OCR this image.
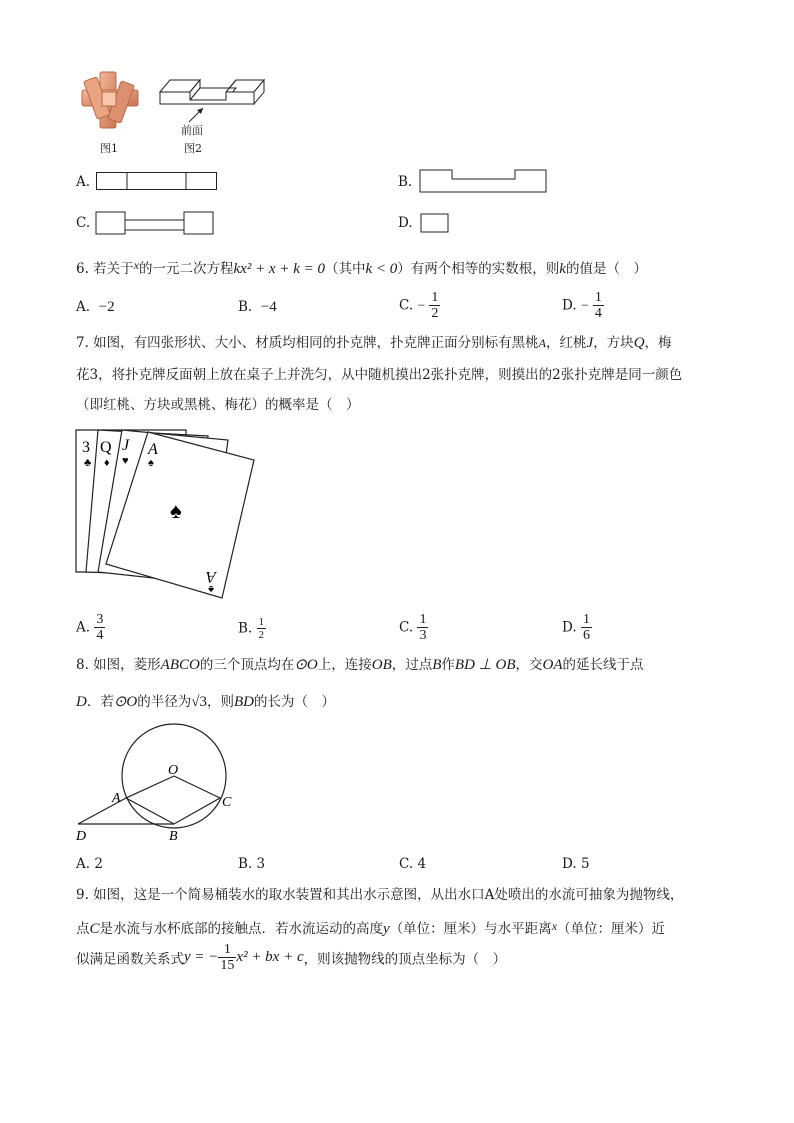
图1
前面
图2
A.	B.
C.	D.
6. 若关于x的一元二次方程kx² + x + k = 0（其中k < 0）有两个相等的实数根，则k的值是（　）
A. −2	B. −4	C. − $\frac{1}{2}$	D. − $\frac{1}{4}$
7. 如图，有四张形状、大小、材质均相同的扑克牌，扑克牌正面分别标有黑桃A，红桃J，方块Q，梅
花3，将扑克牌反面朝上放在桌子上并洗匀，从中随机摸出2张扑克牌，则摸出的2张扑克牌是同一颜色
（即红桃、方块或黑桃、梅花）的概率是（　）
3
♣
Q
♦
J
♥
A
♠
♠
A
♠
A. $\frac{3}{4}$	B. $\frac{1}{2}$	C. $\frac{1}{3}$	D. $\frac{1}{6}$
8. 如图，菱形ABCO的三个顶点均在⊙O上，连接OB，过点B作BD ⊥ OB，交OA的延长线于点
D．若⊙O的半径为√3，则BD的长为（　）
O
A	C
B
D
A. 2	B. 3	C. 4	D. 5
9. 如图，这是一个简易桶装水的取水装置和其出水示意图，从出水口A处喷出的水流可抽象为抛物线，
点C是水流与水杯底部的接触点．若水流运动的高度y（单位：厘米）与水平距离x（单位：厘米）近
似满足函数关系式y = − $\frac{1}{15} x^2$ + bx + c，则该抛物线的顶点坐标为（　）
